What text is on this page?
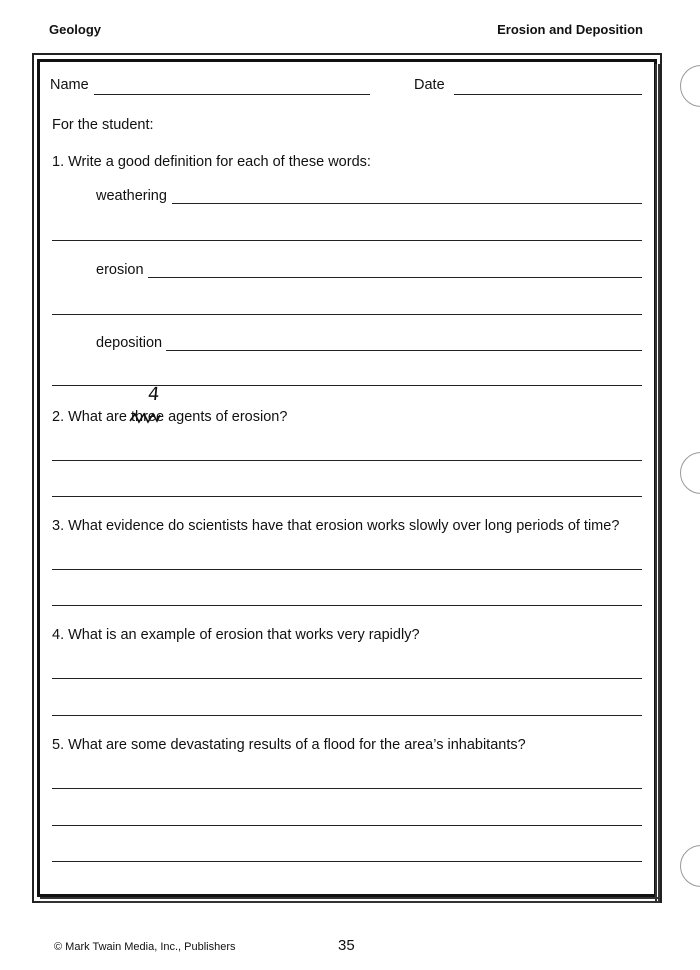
Geology	Erosion and Deposition
Name	Date
For the student:
1. Write a good definition for each of these words:
weathering
erosion
deposition
4
2. What are three agents of erosion?
3. What evidence do scientists have that erosion works slowly over long periods of time?
4. What is an example of erosion that works very rapidly?
5. What are some devastating results of a flood for the area’s inhabitants?
© Mark Twain Media, Inc., Publishers	35
